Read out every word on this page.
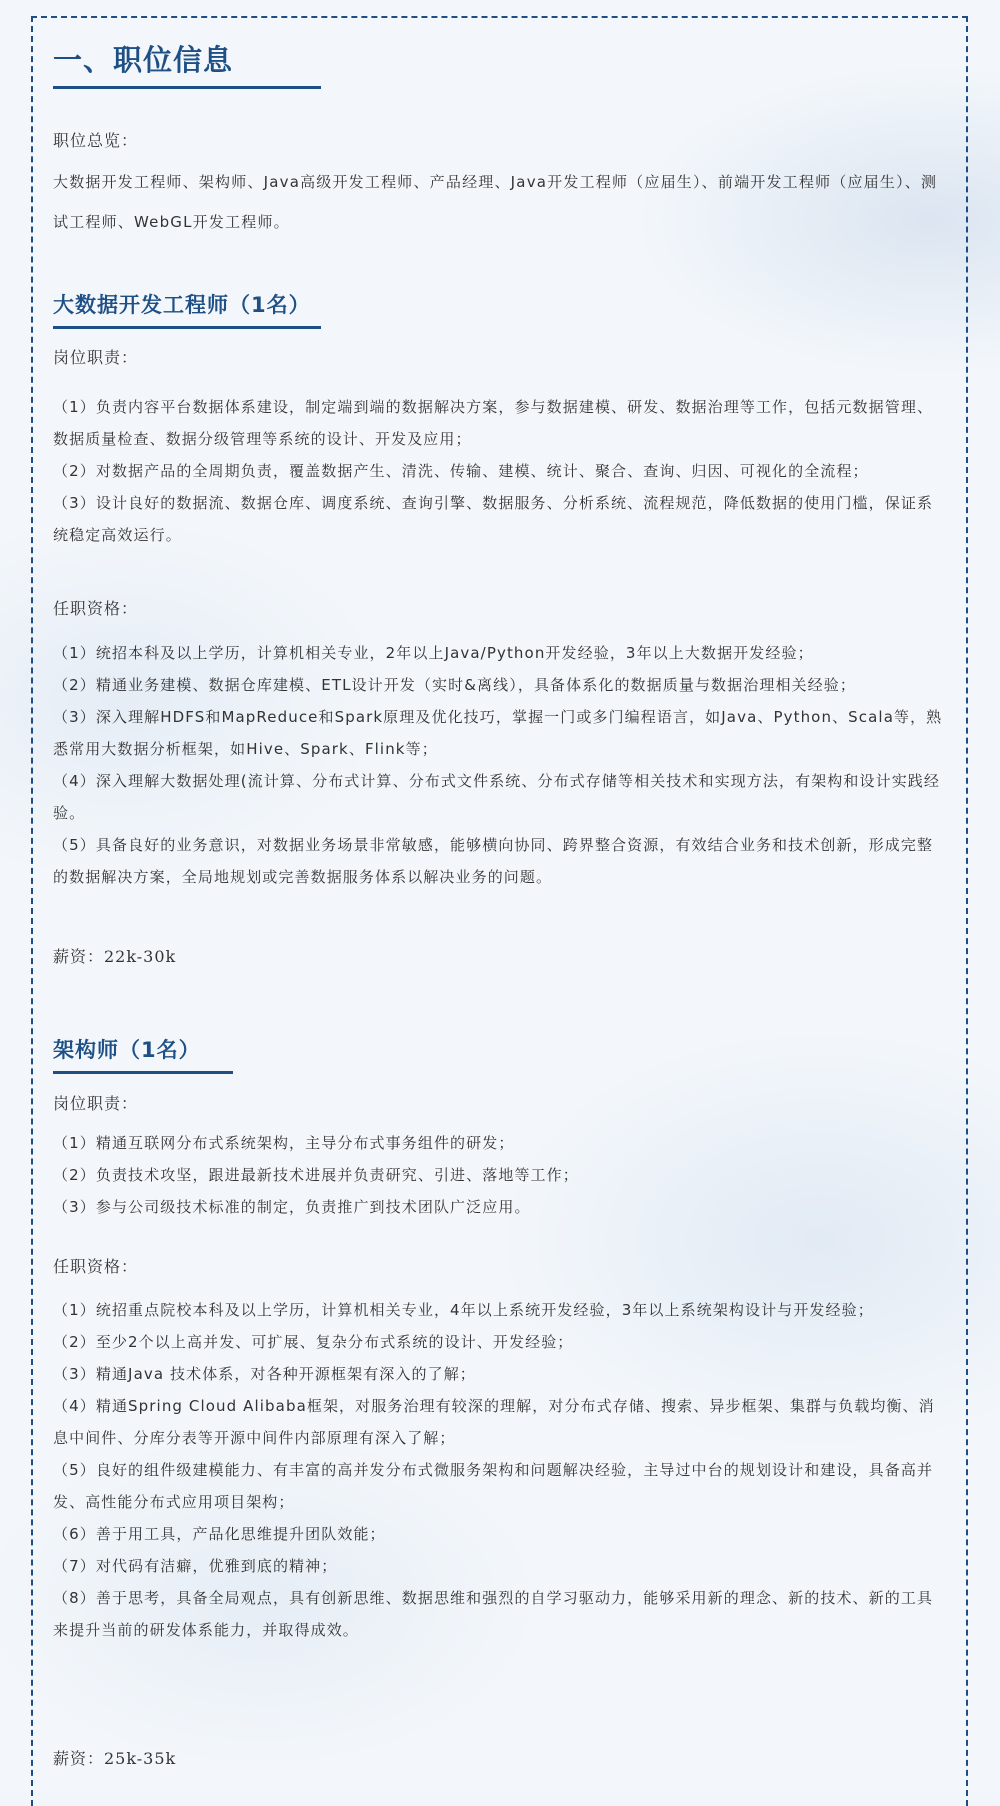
一、职位信息

职位总览：

大数据开发工程师、架构师、Java高级开发工程师、产品经理、Java开发工程师（应届生）、前端开发工程师（应届生）、测试工程师、WebGL开发工程师。

大数据开发工程师（1名）

岗位职责：

（1）负责内容平台数据体系建设，制定端到端的数据解决方案，参与数据建模、研发、数据治理等工作，包括元数据管理、数据质量检查、数据分级管理等系统的设计、开发及应用；
（2）对数据产品的全周期负责，覆盖数据产生、清洗、传输、建模、统计、聚合、查询、归因、可视化的全流程；
（3）设计良好的数据流、数据仓库、调度系统、查询引擎、数据服务、分析系统、流程规范，降低数据的使用门槛，保证系统稳定高效运行。

任职资格：

（1）统招本科及以上学历，计算机相关专业，2年以上Java/Python开发经验，3年以上大数据开发经验；
（2）精通业务建模、数据仓库建模、ETL设计开发（实时&离线），具备体系化的数据质量与数据治理相关经验；
（3）深入理解HDFS和MapReduce和Spark原理及优化技巧，掌握一门或多门编程语言，如Java、Python、Scala等，熟悉常用大数据分析框架，如Hive、Spark、Flink等；
（4）深入理解大数据处理(流计算、分布式计算、分布式文件系统、分布式存储等相关技术和实现方法，有架构和设计实践经验。
（5）具备良好的业务意识，对数据业务场景非常敏感，能够横向协同、跨界整合资源，有效结合业务和技术创新，形成完整的数据解决方案，全局地规划或完善数据服务体系以解决业务的问题。

薪资：22k-30k

架构师（1名）

岗位职责：

（1）精通互联网分布式系统架构，主导分布式事务组件的研发；
（2）负责技术攻坚，跟进最新技术进展并负责研究、引进、落地等工作；
（3）参与公司级技术标准的制定，负责推广到技术团队广泛应用。

任职资格：

（1）统招重点院校本科及以上学历，计算机相关专业，4年以上系统开发经验，3年以上系统架构设计与开发经验；
（2）至少2个以上高并发、可扩展、复杂分布式系统的设计、开发经验；
（3）精通Java 技术体系，对各种开源框架有深入的了解；
（4）精通Spring Cloud Alibaba框架，对服务治理有较深的理解，对分布式存储、搜索、异步框架、集群与负载均衡、消息中间件、分库分表等开源中间件内部原理有深入了解；
（5）良好的组件级建模能力、有丰富的高并发分布式微服务架构和问题解决经验，主导过中台的规划设计和建设，具备高并发、高性能分布式应用项目架构；
（6）善于用工具，产品化思维提升团队效能；
（7）对代码有洁癖，优雅到底的精神；
（8）善于思考，具备全局观点，具有创新思维、数据思维和强烈的自学习驱动力，能够采用新的理念、新的技术、新的工具来提升当前的研发体系能力，并取得成效。

薪资：25k-35k
